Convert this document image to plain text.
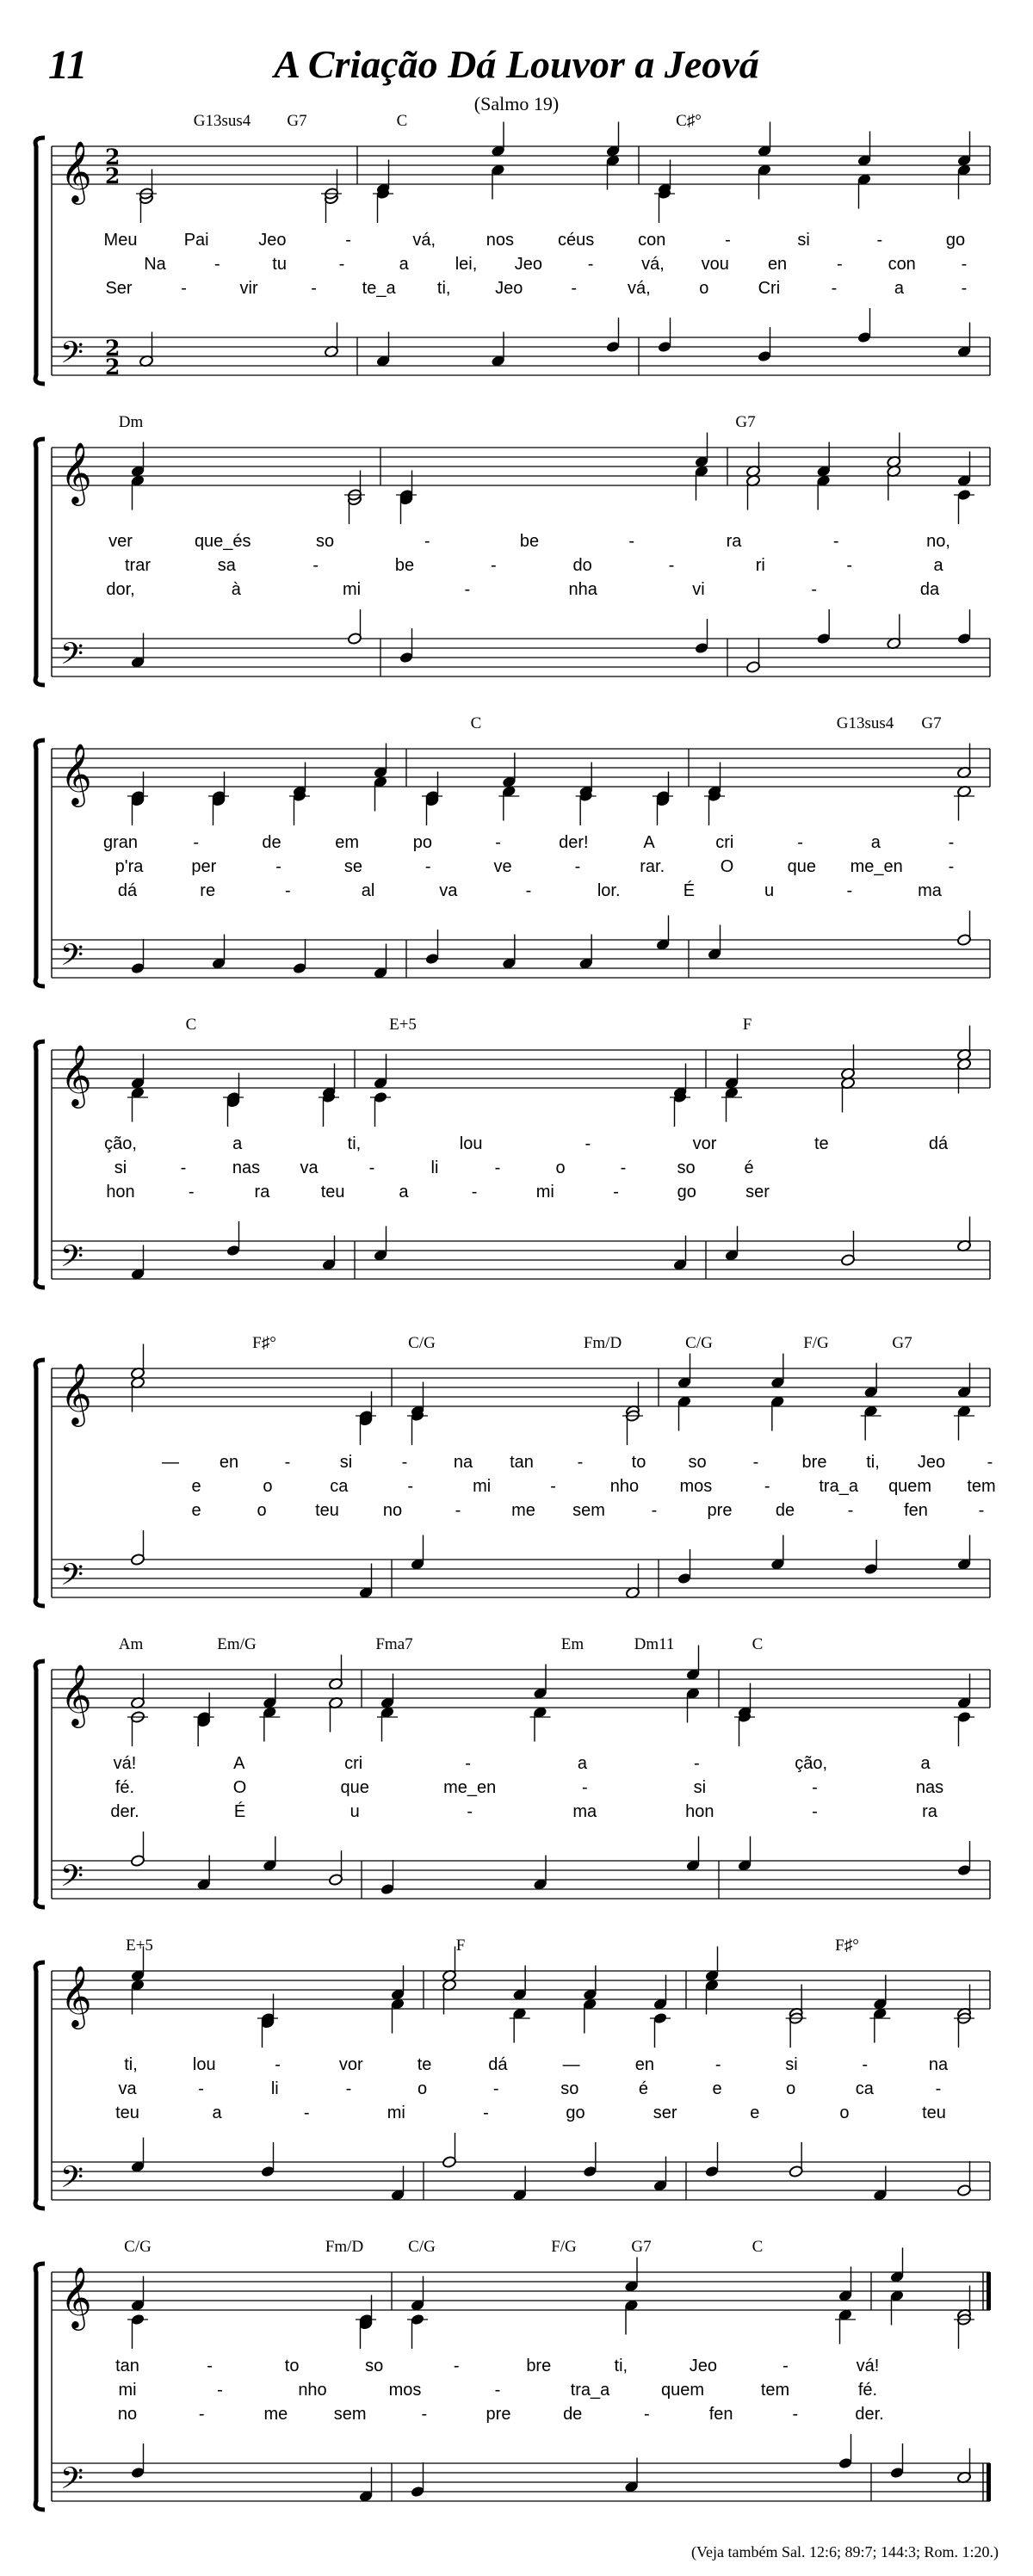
11	A Criação Dá Louvor a Jeová
(Salmo 19)
𝄞
𝄢
2
2
2
2
𝄞
𝄢
𝄞
𝄢
𝄞
𝄢
𝄞
𝄢
𝄞
𝄢
𝄞
𝄢
𝄞
𝄢
G13sus4 G7	C	C♯°
Meu	Pai	Jeo	-	vá,	nos	céus	con	-	si	-	go
Na	-	tu	-	a	lei, Jeo	-	vá, vou en	-	con	-
Ser	-	vir	-	te_a ti,	Jeo	-	vá,	o	Cri	-	a	-
Dm	G7
ver	que_és	so	-	be	-	ra	-	no,
trar	sa	-	be	-	do	-	ri	-	a
dor,	à	mi	-	nha	vi	-	da
C	G13sus4 G7
gran	-	de	em	po	-	der!	A	cri	-	a	-
p'ra	per	-	se	-	ve	-	rar.	O	que me_en	-
dá	re	-	al	va	-	lor.	É	u	-	ma
C	E+5	F
ção,	a	ti,	lou	-	vor	te	dá
si	-	nas va	-	li	-	o	-	so	é
hon	-	ra	teu	a	-	mi	-	go	ser
F♯°	C/G	Fm/D	C/G	F/G	G7
— en	-	si	-	na tan	-	to so	-	bre ti, Jeo -
e	o	ca	-	mi	-	nho mos	-	tra_a quem tem
e	o	teu	no	-	me sem	-	pre	de	-	fen	-
Am	Em/G	Fma7	Em	Dm11	C
vá!	A	cri	-	a	-	ção,	a
fé.	O	que	me_en	-	si	-	nas
der.	É	u	-	ma	hon	-	ra
E+5	F	F♯°
ti,	lou	-	vor	te	dá	—	en	-	si	-	na
va	-	li	-	o	-	so	é	e	o	ca	-
teu	a	-	mi	-	go	ser	e	o	teu
C/G	Fm/D	C/G	F/G	G7	C
tan	-	to	so	-	bre	ti,	Jeo	-	vá!
mi	-	nho	mos	-	tra_a	quem	tem	fé.
no	-	me	sem	-	pre	de	-	fen	-	der.
(Veja também Sal. 12:6; 89:7; 144:3; Rom. 1:20.)
